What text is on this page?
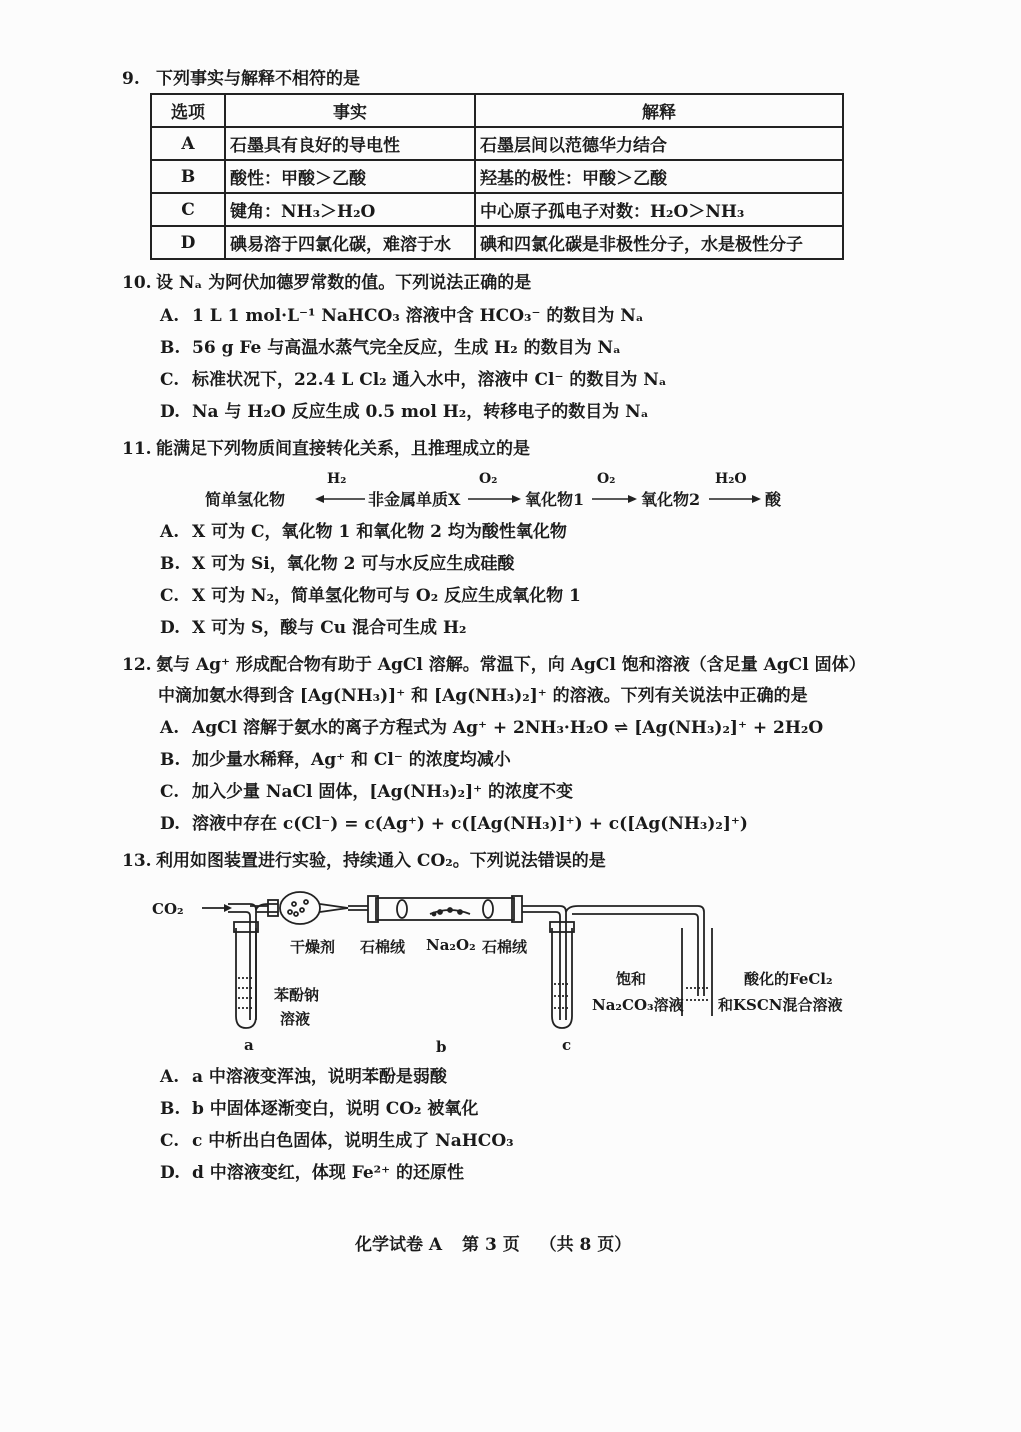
9. 下列事实与解释不相符的是
选项	事实	解释
A	石墨具有良好的导电性	石墨层间以范德华力结合
B	酸性：甲酸＞乙酸	羟基的极性：甲酸＞乙酸
C	键角：NH₃＞H₂O	中心原子孤电子对数：H₂O＞NH₃
D	碘易溶于四氯化碳，难溶于水	碘和四氯化碳是非极性分子，水是极性分子
10. 设 Nₐ 为阿伏加德罗常数的值。下列说法正确的是
A. 1 L 1 mol·L⁻¹ NaHCO₃ 溶液中含 HCO₃⁻ 的数目为 Nₐ
B. 56 g Fe 与高温水蒸气完全反应，生成 H₂ 的数目为 Nₐ
C. 标准状况下，22.4 L Cl₂ 通入水中，溶液中 Cl⁻ 的数目为 Nₐ
D. Na 与 H₂O 反应生成 0.5 mol H₂，转移电子的数目为 Nₐ
11. 能满足下列物质间直接转化关系，且推理成立的是
简单氢化物
H₂
非金属单质X
O₂
氧化物1
O₂
氧化物2
H₂O
酸
A. X 可为 C，氧化物 1 和氧化物 2 均为酸性氧化物
B. X 可为 Si，氧化物 2 可与水反应生成硅酸
C. X 可为 N₂，简单氢化物可与 O₂ 反应生成氧化物 1
D. X 可为 S，酸与 Cu 混合可生成 H₂
12. 氨与 Ag⁺ 形成配合物有助于 AgCl 溶解。常温下，向 AgCl 饱和溶液（含足量 AgCl 固体）
中滴加氨水得到含 [Ag(NH₃)]⁺ 和 [Ag(NH₃)₂]⁺ 的溶液。下列有关说法中正确的是
A. AgCl 溶解于氨水的离子方程式为 Ag⁺ + 2NH₃·H₂O ⇌ [Ag(NH₃)₂]⁺ + 2H₂O
B. 加少量水稀释，Ag⁺ 和 Cl⁻ 的浓度均减小
C. 加入少量 NaCl 固体，[Ag(NH₃)₂]⁺ 的浓度不变
D. 溶液中存在 c(Cl⁻) = c(Ag⁺) + c([Ag(NH₃)]⁺) + c([Ag(NH₃)₂]⁺)
13. 利用如图装置进行实验，持续通入 CO₂。下列说法错误的是
CO₂
干燥剂 石棉绒 Na₂O₂ 石棉绒
苯酚钠
溶液
饱和
Na₂CO₃溶液
酸化的FeCl₂
和KSCN混合溶液
a	b	c
A. a 中溶液变浑浊，说明苯酚是弱酸
B. b 中固体逐渐变白，说明 CO₂ 被氧化
C. c 中析出白色固体，说明生成了 NaHCO₃
D. d 中溶液变红，体现 Fe²⁺ 的还原性
化学试卷 A 第 3 页 （共 8 页）
